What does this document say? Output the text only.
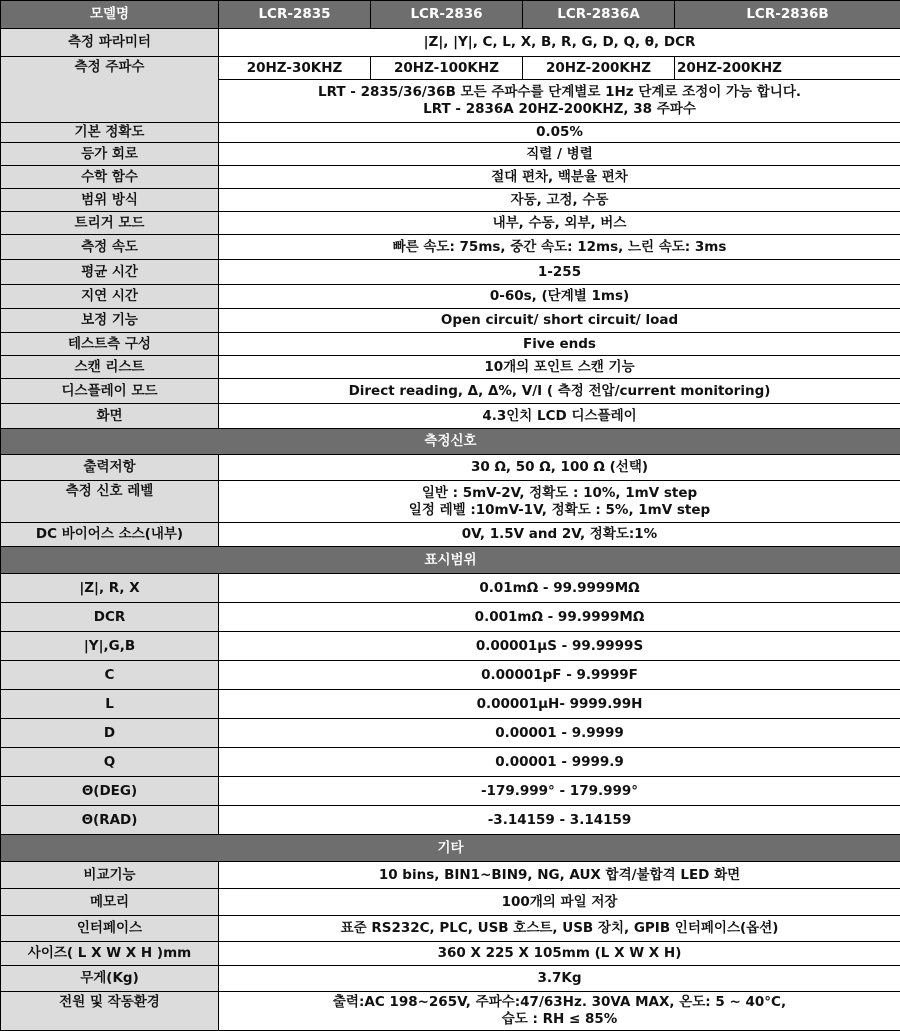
모델명	LCR-2835	LCR-2836	LCR-2836A	LCR-2836B
측정 파라미터	|Z|, |Y|, C, L, X, B, R, G, D, Q, θ, DCR			
측정 주파수	20HZ-30KHZ	20HZ-100KHZ	20HZ-200KHZ	20HZ-200KHZ

	LRT - 2835/36/36B 모든 주파수를 단계별로 1Hz 단계로 조정이 가능 합니다.
LRT - 2836A 20HZ-200KHZ, 38 주파수			

기본 정확도	0.05%			
등가 회로	직렬 / 병렬			
수학 함수	절대 편차, 백분율 편차			
범위 방식	자동, 고정, 수동			
트리거 모드	내부, 수동, 외부, 버스			
측정 속도	빠른 속도: 75ms, 중간 속도: 12ms, 느린 속도: 3ms			
평균 시간	1-255			
지연 시간	0-60s, (단계별 1ms)			
보정 기능	Open circuit/ short circuit/ load			
테스트측 구성	Five ends			
스캔 리스트	10개의 포인트 스캔 기능			
디스플레이 모드	Direct reading, Δ, Δ%, V/I ( 측정 전압/current monitoring)			
화면	4.3인치 LCD 디스플레이			
측정신호				
출력저항	30 Ω, 50 Ω, 100 Ω (선택)			
측정 신호 레벨	일반 : 5mV-2V, 정확도 : 10%, 1mV step
일정 레벨 :10mV-1V, 정확도 : 5%, 1mV step			

DC 바이어스 소스(내부)	0V, 1.5V and 2V, 정확도:1%			
표시범위				
|Z|, R, X	0.01mΩ - 99.9999MΩ			
DCR	0.001mΩ - 99.9999MΩ			
|Y|,G,B	0.00001μS - 99.9999S			
C	0.00001pF - 9.9999F			
L	0.00001μH- 9999.99H			
D	0.00001 - 9.9999			
Q	0.00001 - 9999.9			
Θ(DEG)	-179.999° - 179.999°			
Θ(RAD)	-3.14159 - 3.14159			
기타				
비교기능	10 bins, BIN1~BIN9, NG, AUX 합격/불합격 LED 화면			
메모리	100개의 파일 저장			
인터페이스	표준 RS232C, PLC, USB 호스트, USB 장치, GPIB 인터페이스(옵션)			
사이즈( L X W X H )mm	360 X 225 X 105mm (L X W X H)			
무게(Kg)	3.7Kg			
전원 및 작동환경	출력:AC 198~265V, 주파수:47/63Hz. 30VA MAX, 온도: 5 ~ 40°C,
습도 : RH ≤ 85%			
